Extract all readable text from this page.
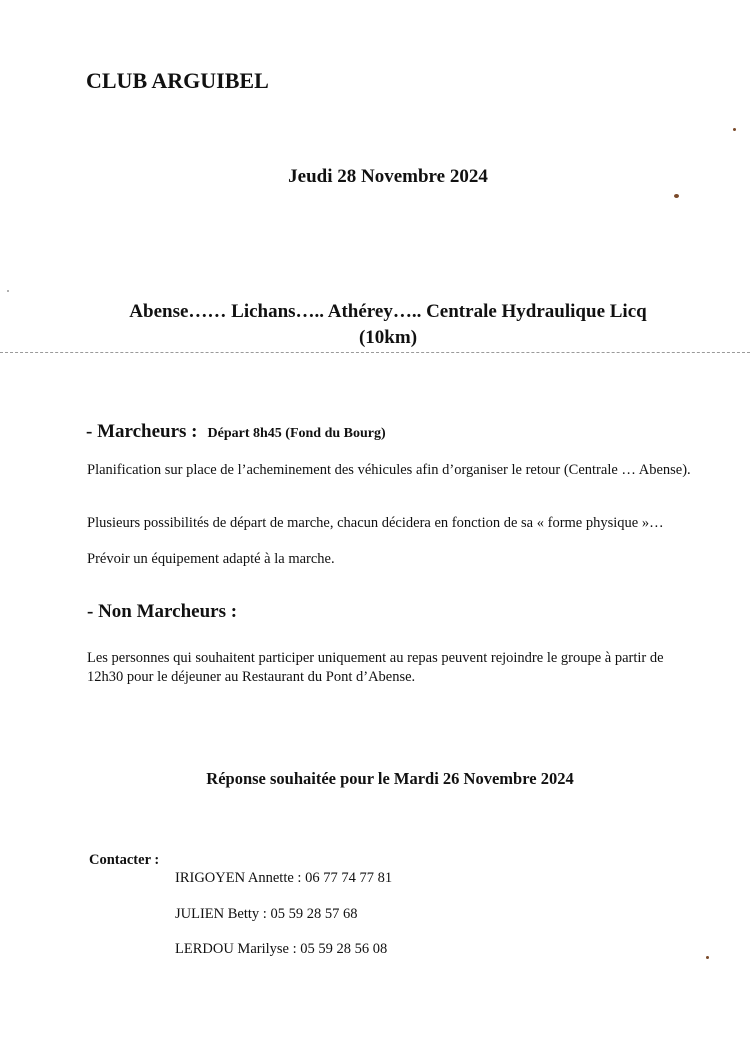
CLUB ARGUIBEL
Jeudi 28 Novembre 2024
Abense…… Lichans….. Athérey….. Centrale Hydraulique Licq
(10km)
- Marcheurs : Départ 8h45 (Fond du Bourg)
Planification sur place de l’acheminement des véhicules afin d’organiser le retour (Centrale … Abense).
Plusieurs possibilités de départ de marche, chacun décidera en fonction de sa « forme physique »…
Prévoir un équipement adapté à la marche.
- Non Marcheurs :
Les personnes qui souhaitent participer uniquement au repas peuvent rejoindre le groupe à partir de 12h30 pour le déjeuner au Restaurant du Pont d’Abense.
Réponse souhaitée pour le Mardi 26 Novembre 2024
Contacter :
IRIGOYEN Annette : 06 77 74 77 81
JULIEN Betty : 05 59 28 57 68
LERDOU Marilyse : 05 59 28 56 08
